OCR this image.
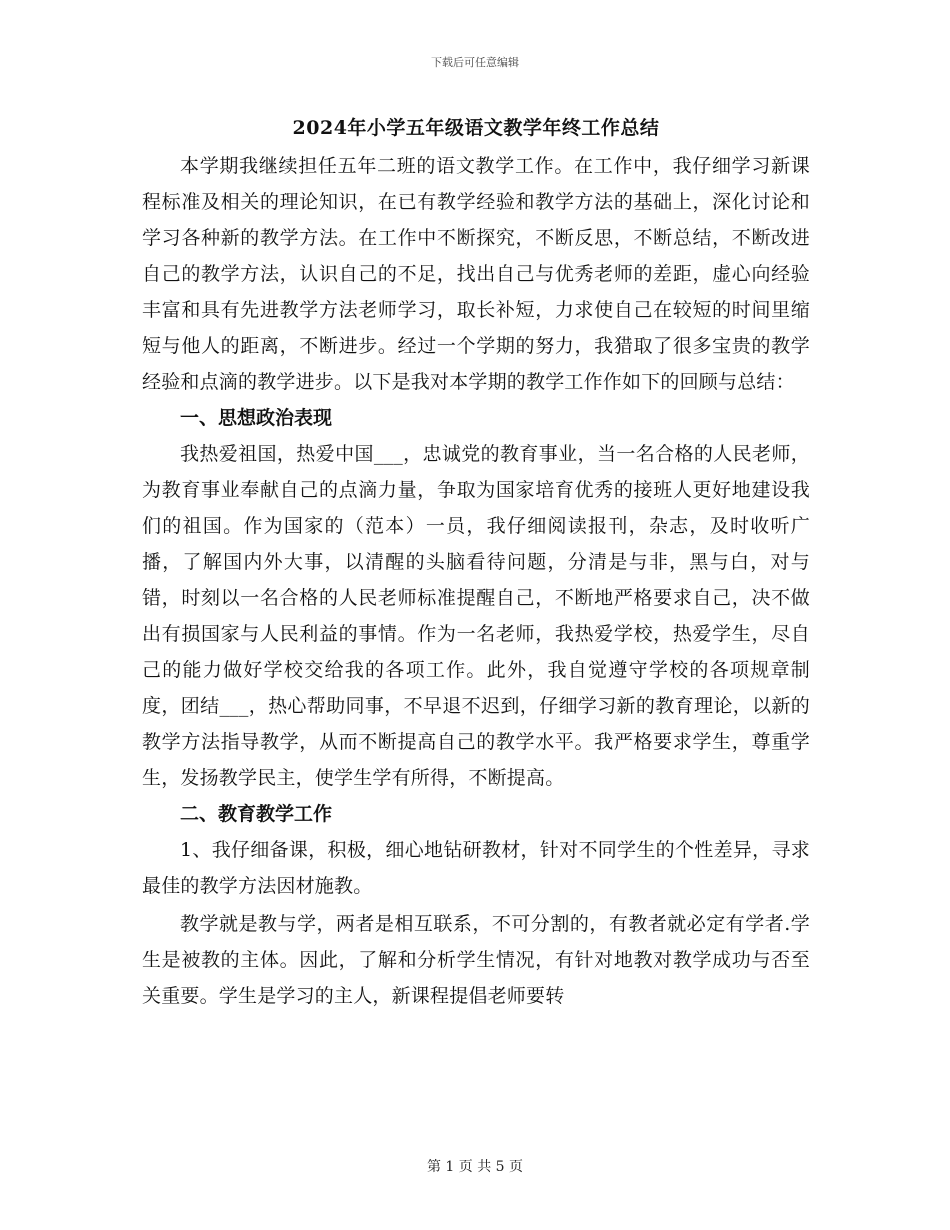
下载后可任意编辑
2024年小学五年级语文教学年终工作总结

本学期我继续担任五年二班的语文教学工作。在工作中，我仔细学习新课程标准及相关的理论知识，在已有教学经验和教学方法的基础上，深化讨论和学习各种新的教学方法。在工作中不断探究，不断反思，不断总结，不断改进自己的教学方法，认识自己的不足，找出自己与优秀老师的差距，虚心向经验丰富和具有先进教学方法老师学习，取长补短，力求使自己在较短的时间里缩短与他人的距离，不断进步。经过一个学期的努力，我猎取了很多宝贵的教学经验和点滴的教学进步。以下是我对本学期的教学工作作如下的回顾与总结：

一、思想政治表现

我热爱祖国，热爱中国___，忠诚党的教育事业，当一名合格的人民老师，为教育事业奉献自己的点滴力量，争取为国家培育优秀的接班人更好地建设我们的祖国。作为国家的（范本）一员，我仔细阅读报刊，杂志，及时收听广播，了解国内外大事，以清醒的头脑看待问题，分清是与非，黑与白，对与错，时刻以一名合格的人民老师标准提醒自己，不断地严格要求自己，决不做出有损国家与人民利益的事情。作为一名老师，我热爱学校，热爱学生，尽自己的能力做好学校交给我的各项工作。此外，我自觉遵守学校的各项规章制度，团结___，热心帮助同事，不早退不迟到，仔细学习新的教育理论，以新的教学方法指导教学，从而不断提高自己的教学水平。我严格要求学生，尊重学生，发扬教学民主，使学生学有所得，不断提高。

二、教育教学工作

1、我仔细备课，积极，细心地钻研教材，针对不同学生的个性差异，寻求最佳的教学方法因材施教。

教学就是教与学，两者是相互联系，不可分割的，有教者就必定有学者.学生是被教的主体。因此，了解和分析学生情况，有针对地教对教学成功与否至关重要。学生是学习的主人，新课程提倡老师要转

第 1 页 共 5 页
